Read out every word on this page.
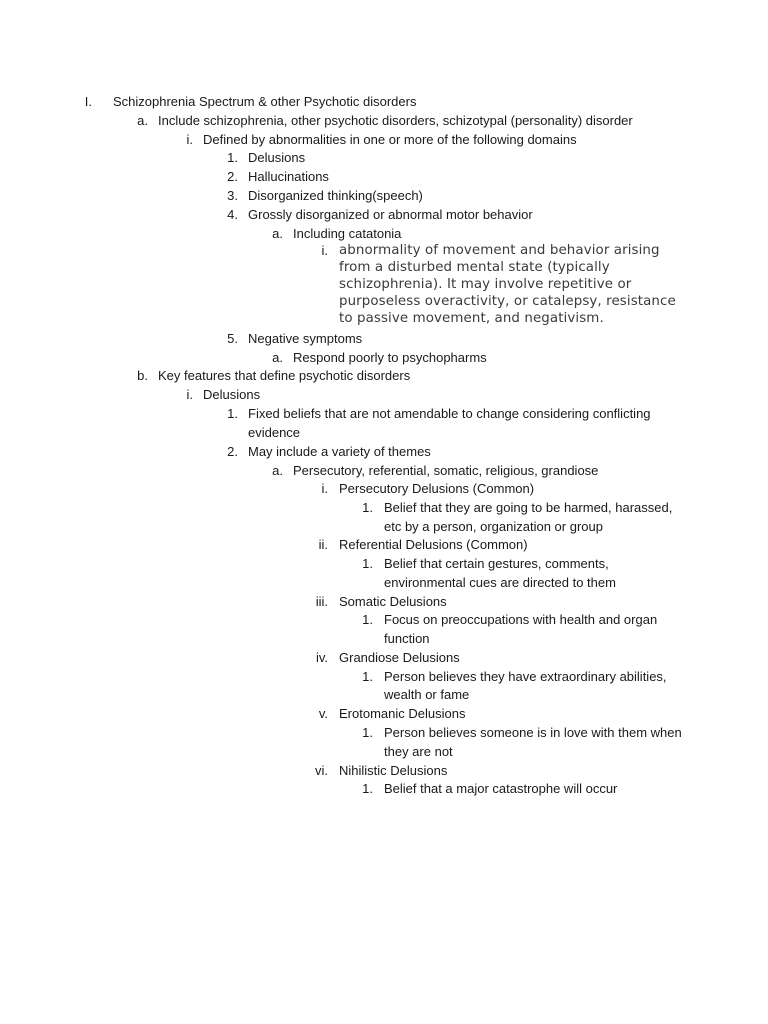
I. Schizophrenia Spectrum & other Psychotic disorders
a. Include schizophrenia, other psychotic disorders, schizotypal (personality) disorder
i. Defined by abnormalities in one or more of the following domains
1. Delusions
2. Hallucinations
3. Disorganized thinking(speech)
4. Grossly disorganized or abnormal motor behavior
a. Including catatonia
i. abnormality of movement and behavior arising
from a disturbed mental state (typically
schizophrenia). It may involve repetitive or
purposeless overactivity, or catalepsy, resistance
to passive movement, and negativism.
5. Negative symptoms
a. Respond poorly to psychopharms
b. Key features that define psychotic disorders
i. Delusions
1. Fixed beliefs that are not amendable to change considering conflicting
evidence
2. May include a variety of themes
a. Persecutory, referential, somatic, religious, grandiose
i. Persecutory Delusions (Common)
1. Belief that they are going to be harmed, harassed,
etc by a person, organization or group
ii. Referential Delusions (Common)
1. Belief that certain gestures, comments,
environmental cues are directed to them
iii. Somatic Delusions
1. Focus on preoccupations with health and organ
function
iv. Grandiose Delusions
1. Person believes they have extraordinary abilities,
wealth or fame
v. Erotomanic Delusions
1. Person believes someone is in love with them when
they are not
vi. Nihilistic Delusions
1. Belief that a major catastrophe will occur
